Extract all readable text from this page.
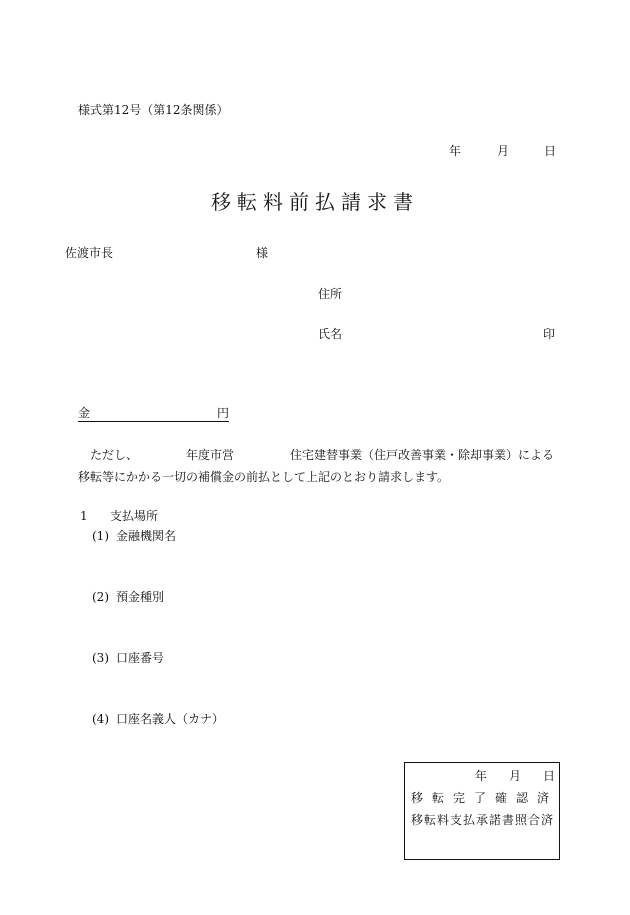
様式第12号（第12条関係）
年	月	日
移転料前払請求書
佐渡市長	様
住所
氏名	印
金	円
ただし、	年度市営	住宅建替事業（住戸改善事業・除却事業）による移転等にかかる一切の補償金の前払として上記のとおり請求します。
1 支払場所
(1) 金融機関名
(2) 預金種別
(3) 口座番号
(4) 口座名義人（カナ）
年 月 日
移転完了確認済
移転料支払承諾書照合済
